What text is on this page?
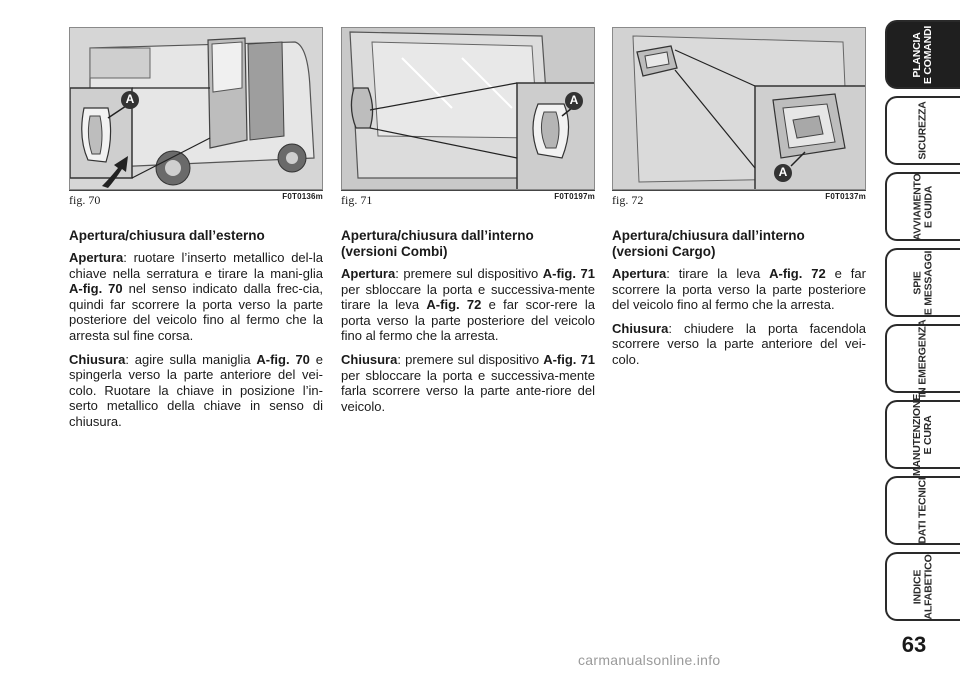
A
fig. 70	F0T0136m
A
fig. 71	F0T0197m
A
fig. 72	F0T0137m
Apertura/chiusura dall’esterno

Apertura: ruotare l’inserto metallico del-la chiave nella serratura e tirare la mani-glia A-fig. 70 nel senso indicato dalla frec-cia, quindi far scorrere la porta verso la parte posteriore del veicolo fino al fermo che la arresta sul fine corsa.

Chiusura: agire sulla maniglia A-fig. 70 e spingerla verso la parte anteriore del vei-colo. Ruotare la chiave in posizione l’in-serto metallico della chiave in senso di chiusura.

Apertura/chiusura dall’interno
(versioni Combi)

Apertura: premere sul dispositivo A-fig. 71 per sbloccare la porta e successiva-mente tirare la leva A-fig. 72 e far scor-rere la porta verso la parte posteriore del veicolo fino al fermo che la arresta.

Chiusura: premere sul dispositivo A-fig. 71 per sbloccare la porta e successiva-mente farla scorrere verso la parte ante-riore del veicolo.

Apertura/chiusura dall’interno
(versioni Cargo)

Apertura: tirare la leva A-fig. 72 e far scorrere la porta verso la parte posteriore del veicolo fino al fermo che la arresta.

Chiusura: chiudere la porta facendola scorrere verso la parte anteriore del vei-colo.

PLANCIA E COMANDI
SICUREZZA
AVVIAMENTO E GUIDA
SPIE E MESSAGGI
IN EMERGENZA
MANUTENZIONE E CURA
DATI TECNICI
INDICE ALFABETICO
63
carmanualsonline.info
